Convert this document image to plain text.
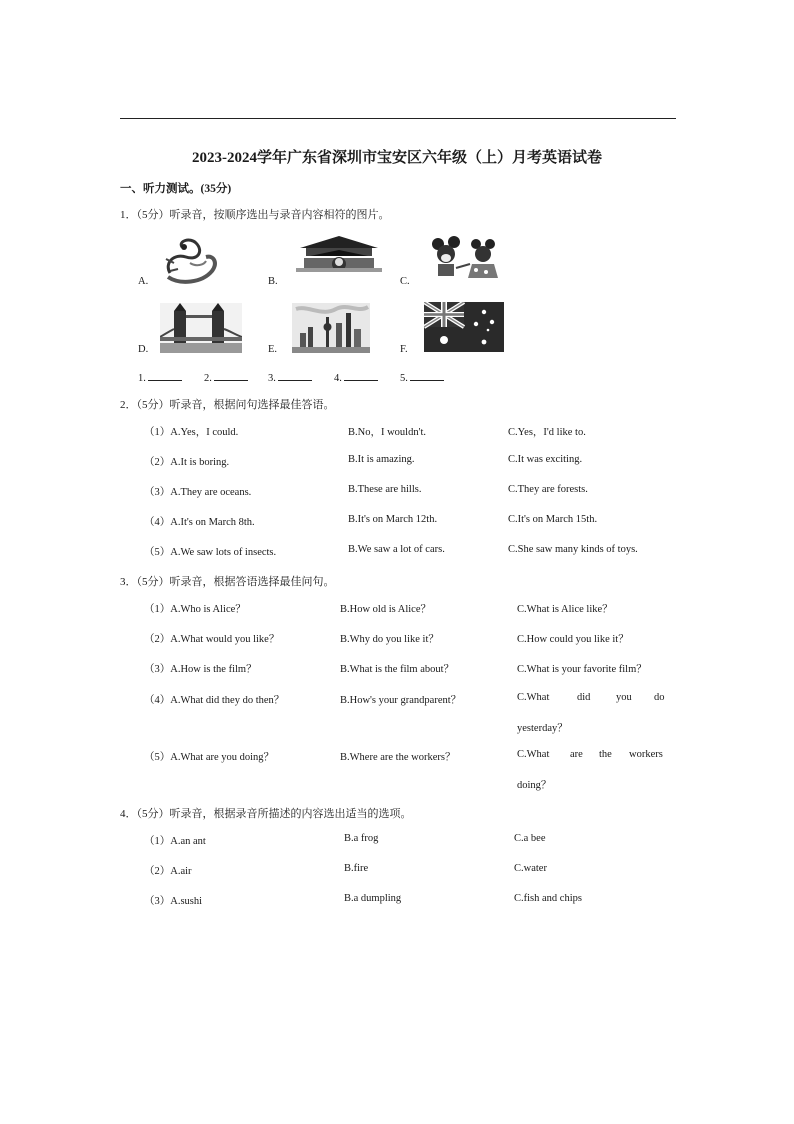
2023-2024学年广东省深圳市宝安区六年级（上）月考英语试卷
一、听力测试。(35分)
1．（5分）听录音，按顺序选出与录音内容相符的图片。
A.	B.	C.
D.	E.	F.
1.	2.	3.	4.	5.
2．（5分）听录音，根据问句选择最佳答语。
（1）A.Yes，I could.	B.No，I wouldn't.	C.Yes，I'd like to.
（2）A.It is boring.	B.It is amazing.	C.It was exciting.
（3）A.They are oceans.	B.These are hills.	C.They are forests.
（4）A.It's on March 8th.	B.It's on March 12th.	C.It's on March 15th.
（5）A.We saw lots of insects.	B.We saw a lot of cars.	C.She saw many kinds of toys.
3．（5分）听录音，根据答语选择最佳问句。
（1）A.Who is Alice？	B.How old is Alice？	C.What is Alice like？
（2）A.What would you like？	B.Why do you like it？	C.How could you like it？
（3）A.How is the film？	B.What is the film about？	C.What is your favorite film？
（4）A.What did they do then？	B.How's your grandparent？	C.What	did you do
yesterday？
（5）A.What are you doing？	B.Where are the workers？	C.What are the workers
doing？
4．（5分）听录音，根据录音所描述的内容选出适当的选项。
（1）A.an ant	B.a frog	C.a bee
（2）A.air	B.fire	C.water
（3）A.sushi	B.a dumpling	C.fish and chips
